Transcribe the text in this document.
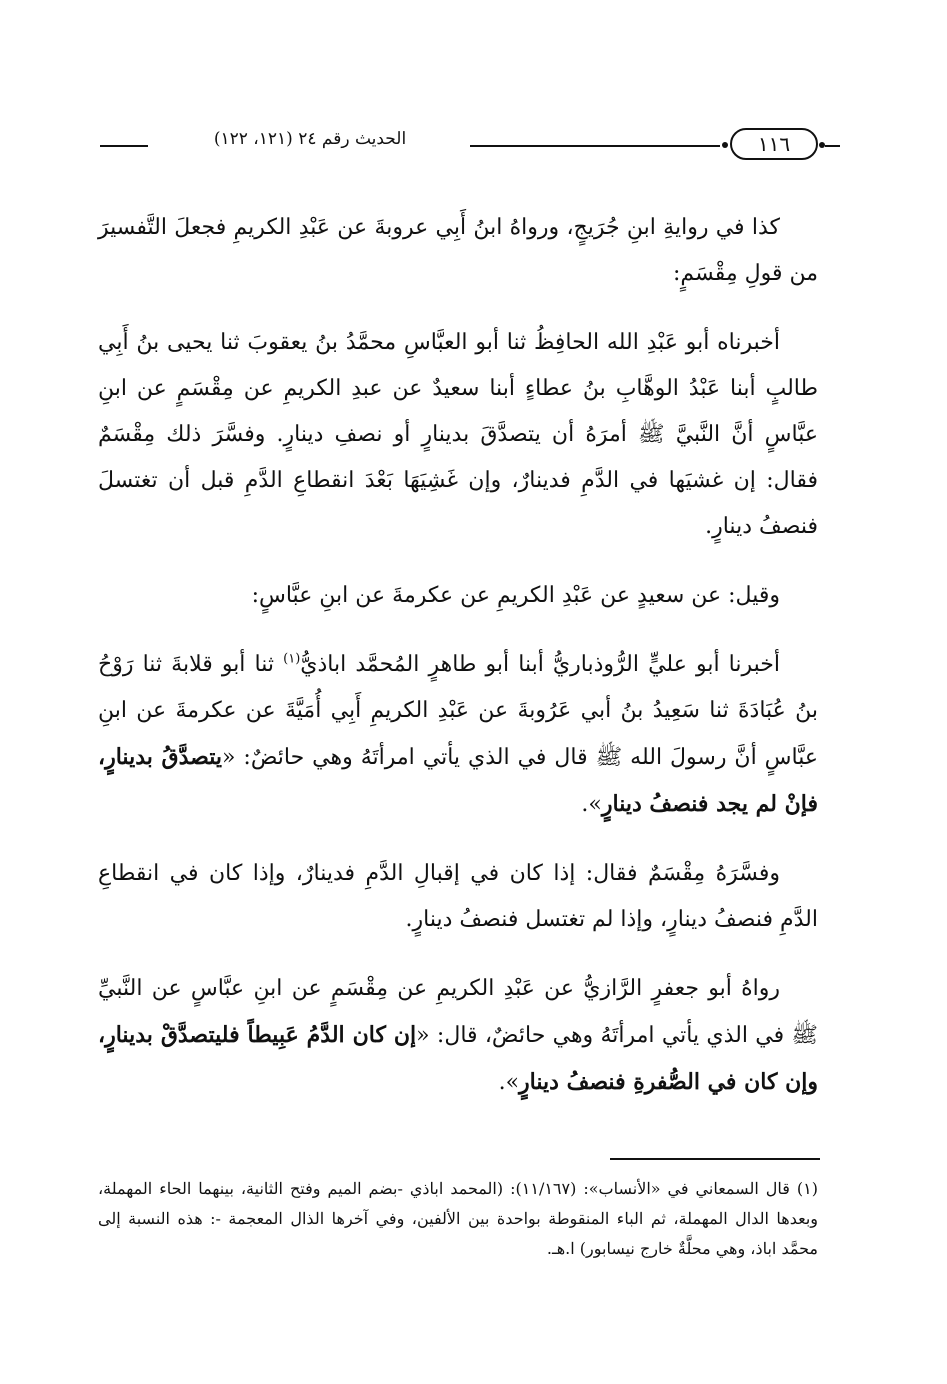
الحديث رقم ٢٤ (١٢١، ١٢٢)	١١٦

كذا في روايةِ ابنِ جُرَيجٍ، ورواهُ ابنُ أَبِي عروبةَ عن عَبْدِ الكريمِ فجعلَ التَّفسيرَ من قولِ مِقْسَمٍ:

أخبرناه أبو عَبْدِ الله الحافِظُ ثنا أبو العبَّاسِ محمَّدُ بنُ يعقوبَ ثنا يحيى بنُ أَبِي طالبٍ أبنا عَبْدُ الوهَّابِ بنُ عطاءٍ أبنا سعيدٌ عن عبدِ الكريمِ عن مِقْسَمٍ عن ابنِ عبَّاسٍ أنَّ النَّبيَّ ﷺ أمرَهُ أن يتصدَّقَ بدينارٍ أو نصفِ دينارٍ. وفسَّرَ ذلك مِقْسَمٌ فقال: إن غشيَها في الدَّمِ فدينارٌ، وإن غَشِيَهَا بَعْدَ انقطاعِ الدَّمِ قبل أن تغتسلَ فنصفُ دينارٍ.

وقيل: عن سعيدٍ عن عَبْدِ الكريمِ عن عكرمةَ عن ابنِ عبَّاسٍ:

أخبرنا أبو عليٍّ الرُّوذباريُّ أبنا أبو طاهرٍ المُحمَّد اباذيُّ$^{(١)}$ ثنا أبو قلابةَ ثنا رَوْحُ بنُ عُبَادَةَ ثنا سَعِيدُ بنُ أبي عَرُوبةَ عن عَبْدِ الكريمِ أَبِي أُمَيَّةَ عن عكرمةَ عن ابنِ عبَّاسٍ أنَّ رسولَ الله ﷺ قال في الذي يأتي امرأتَهُ وهي حائضٌ: «يتصدَّقُ بدينارٍ، فإنْ لم يجد فنصفُ دينارٍ».

وفسَّرَهُ مِقْسَمٌ فقال: إذا كان في إقبالِ الدَّمِ فدينارٌ، وإذا كان في انقطاعِ الدَّمِ فنصفُ دينارٍ، وإذا لم تغتسل فنصفُ دينارٍ.

رواهُ أبو جعفرٍ الرَّازيُّ عن عَبْدِ الكريمِ عن مِقْسَمٍ عن ابنِ عبَّاسٍ عن النَّبيِّ ﷺ في الذي يأتي امرأتَهُ وهي حائضٌ، قال: «إن كان الدَّمُ عَبِيطاً فليتصدَّقْ بدينارٍ، وإن كان في الصُّفرةِ فنصفُ دينارٍ».

(١) قال السمعاني في «الأنساب»: (١١/١٦٧): (المحمد اباذي -بضم الميم وفتح الثانية، بينهما الحاء المهملة، وبعدها الدال المهملة، ثم الباء المنقوطة بواحدة بين الألفين، وفي آخرها الذال المعجمة -: هذه النسبة إلى محمَّد اباذ، وهي محلَّةٌ خارج نيسابور) ا.هـ.
